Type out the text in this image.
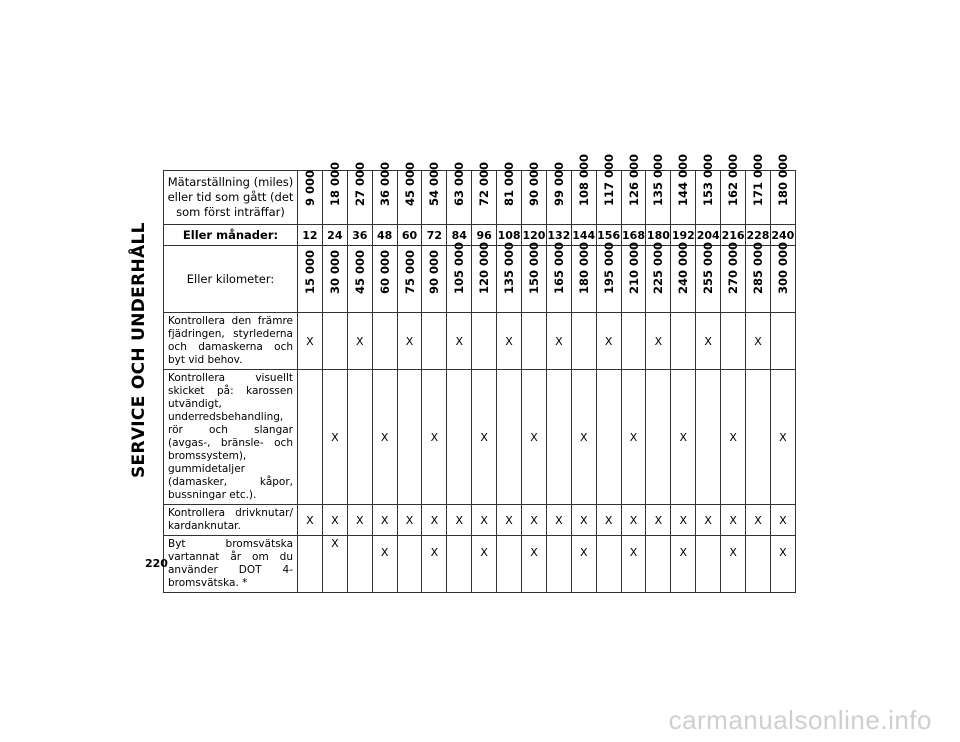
SERVICE OCH UNDERHÅLL
Mätarställning (miles) eller tid som gått (det som först inträffar)	9 000	18 000	27 000	36 000	45 000	54 000	63 000	72 000	81 000	90 000	99 000	108 000	117 000	126 000	135 000	144 000	153 000	162 000	171 000	180 000

Eller månader:	12	24	36	48	60	72	84	96	108	120	132	144	156	168	180	192	204	216	228	240
Eller kilometer:	15 000	30 000	45 000	60 000	75 000	90 000	105 000	120 000	135 000	150 000	165 000	180 000	195 000	210 000	225 000	240 000	255 000	270 000	285 000	300 000

Kontrollera den främre fjädringen, styrlederna och damaskerna och byt vid behov.	X		X		X		X		X		X		X		X		X		X	
Kontrollera visuellt skicket på: karossen utvändigt, underredsbehandling, rör och slangar (avgas-, bränsle- och bromssystem), gummidetaljer (damasker, kåpor, bussningar etc.).		X		X		X		X		X		X		X		X		X		X
Kontrollera drivknutar/ kardanknutar.	X	X	X	X	X	X	X	X	X	X	X	X	X	X	X	X	X	X	X	X
Byt bromsvätska vartannat år om du använder DOT 4-bromsvätska. *		X		X		X		X		X		X		X		X		X		X
220
carmanualsonline.info
